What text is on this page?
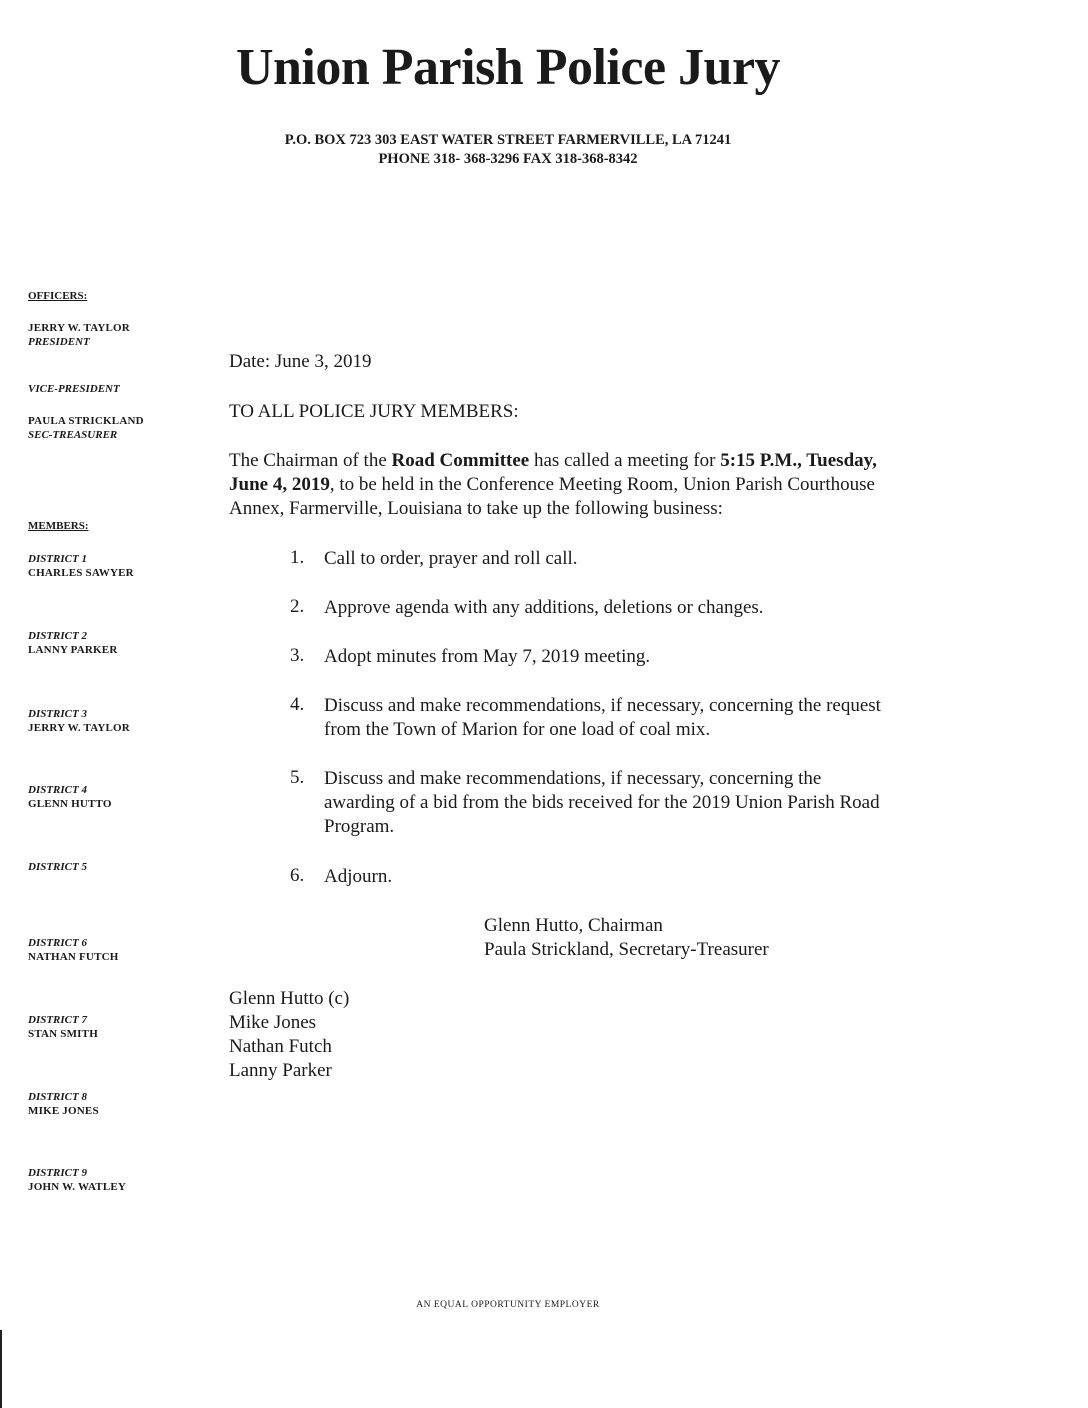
Union Parish Police Jury
P.O. BOX 723 303 EAST WATER STREET FARMERVILLE, LA 71241
PHONE 318- 368-3296 FAX 318-368-8342
OFFICERS:
JERRY W. TAYLOR
PRESIDENT
VICE-PRESIDENT
PAULA STRICKLAND
SEC-TREASURER
MEMBERS:
DISTRICT 1
CHARLES SAWYER
DISTRICT 2
LANNY PARKER
DISTRICT 3
JERRY W. TAYLOR
DISTRICT 4
GLENN HUTTO
DISTRICT 5
DISTRICT 6
NATHAN FUTCH
DISTRICT 7
STAN SMITH
DISTRICT 8
MIKE JONES
DISTRICT 9
JOHN W. WATLEY
Date: June 3, 2019
TO ALL POLICE JURY MEMBERS:
The Chairman of the Road Committee has called a meeting for 5:15 P.M., Tuesday,
June 4, 2019, to be held in the Conference Meeting Room, Union Parish Courthouse
Annex, Farmerville, Louisiana to take up the following business:
1. Call to order, prayer and roll call.
2. Approve agenda with any additions, deletions or changes.
3. Adopt minutes from May 7, 2019 meeting.
4. Discuss and make recommendations, if necessary, concerning the request
from the Town of Marion for one load of coal mix.
5. Discuss and make recommendations, if necessary, concerning the
awarding of a bid from the bids received for the 2019 Union Parish Road
Program.
6. Adjourn.
Glenn Hutto, Chairman
Paula Strickland, Secretary-Treasurer
Glenn Hutto (c)
Mike Jones
Nathan Futch
Lanny Parker
AN EQUAL OPPORTUNITY EMPLOYER
